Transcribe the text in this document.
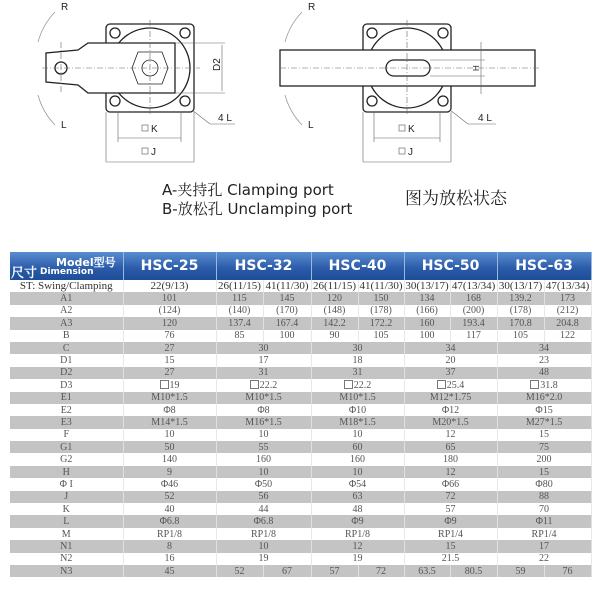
R
L
D2
4 L
K
J
R
L
H
4 L
K
J
A-夹持孔 Clamping port
B-放松孔 Unclamping port	图为放松状态
尺寸
Model型号
Dimension	HSC-25	HSC-32		HSC-40		HSC-50		HSC-63	
ST: Swing/Clamping	22(9/13)	26(11/15)	41(11/30)	26(11/15)	41(11/30)	30(13/17)	47(13/34)	30(13/17)	47(13/34)
A1	101	115	145	120	150	134	168	139.2	173
A2	(124)	(140)	(170)	(148)	(178)	(166)	(200)	(178)	(212)
A3	120	137.4	167.4	142.2	172.2	160	193.4	170.8	204.8
B	76	85	100	90	105	100	117	105	122
C	27	30		30		34		34	
D1	15	17		18		20		23	
D2	27	31		31		37		48	
D3	19	22.2		22.2		25.4		31.8	
E1	M10*1.5	M10*1.5		M10*1.5		M12*1.75		M16*2.0	
E2	Φ8	Φ8		Φ10		Φ12		Φ15	
E3	M14*1.5	M16*1.5		M18*1.5		M20*1.5		M27*1.5	
F	10	10		10		12		15	
G1	50	55		60		65		75	
G2	140	160		160		180		200	
H	9	10		10		12		15	
Φ I	Φ46	Φ50		Φ54		Φ66		Φ80	
J	52	56		63		72		88	
K	40	44		48		57		70	
L	Φ6.8	Φ6.8		Φ9		Φ9		Φ11	
M	RP1/8	RP1/8		RP1/8		RP1/4		RP1/4	
N1	8	10		12		15		17	
N2	16	19		19		21.5		22	
N3	45	52	67	57	72	63.5	80.5	59	76
